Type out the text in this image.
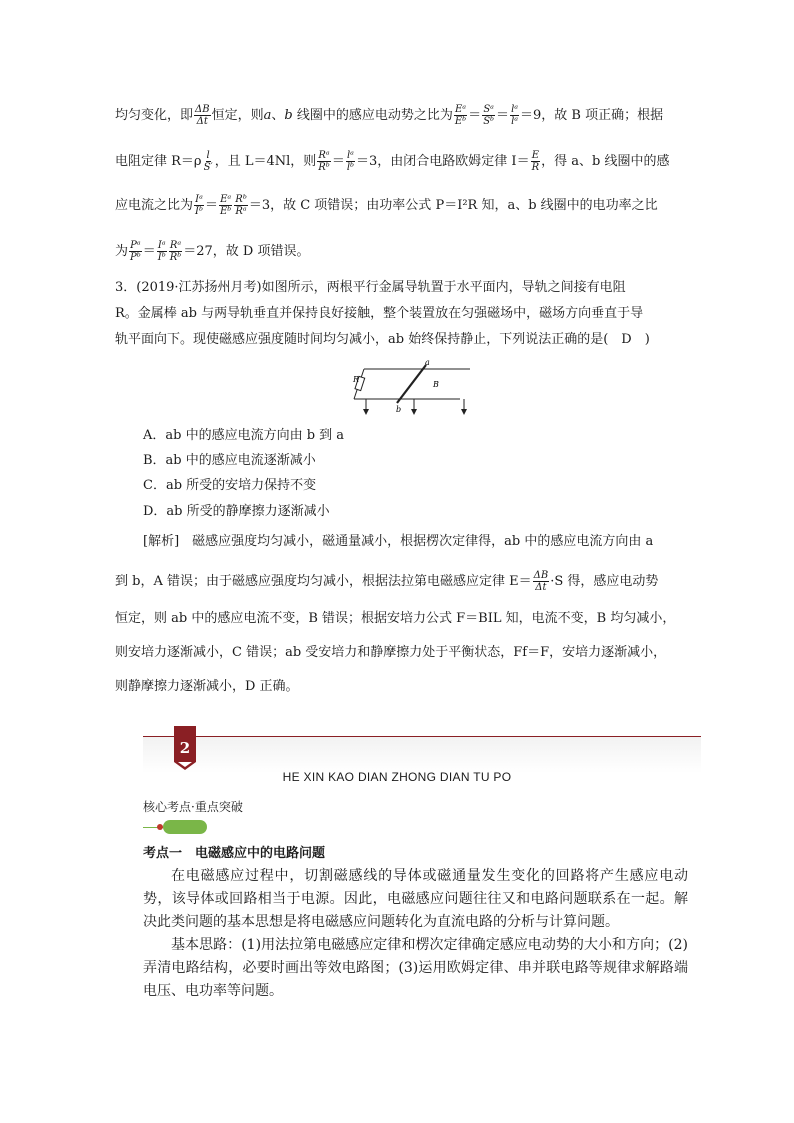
均匀变化，即 $\frac{\Delta B}{\Delta t}$ 恒定，则a、b 线圈中的感应电动势之比为 $\frac{\text{Eᵃ}}{\text{Eᵇ}} = \frac{\text{Sᵃ}}{\text{Sᵇ}} = \frac{\text{lᵃ}}{\text{lᵃ}} =9$，故 B 项正确；根据
电阻定律 $R=\rho \frac{l}{S'}$ ，且 L＝4Nl，则 $\frac{\text{Rᵃ}}{\text{Rᵇ}} = \frac{\text{lᵃ}}{\text{lᵇ}} =3$，由闭合电路欧姆定律 $I= \frac{E}{R}$ ，得 a、b 线圈中的感
应电流之比为 $\frac{\text{Iᵃ}}{\text{Iᵇ}} = \frac{\text{Eᵃ}}{\text{Eᵇ}} \frac{\text{Rᵇ}}{\text{Rᵃ}} =3$，故 C 项错误；由功率公式 P＝I²R 知，a、b 线圈中的电功率之比
为 $\frac{\text{Pᵃ}}{\text{Pᵇ}} = \frac{\text{Iᵃ}}{\text{Iᵇ}} \frac{\text{Rᵃ}}{\text{Rᵇ}} =27$，故 D 项错误。
3．(2019·江苏扬州月考)如图所示，两根平行金属导轨置于水平面内，导轨之间接有电阻
R。金属棒 ab 与两导轨垂直并保持良好接触，整个装置放在匀强磁场中，磁场方向垂直于导
轨平面向下。现使磁感应强度随时间均匀减小，ab 始终保持静止，下列说法正确的是(　D　)
a
b
R
B
A．ab 中的感应电流方向由 b 到 a
B．ab 中的感应电流逐渐减小
C．ab 所受的安培力保持不变
D．ab 所受的静摩擦力逐渐减小
[解析]　磁感应强度均匀减小，磁通量减小，根据楞次定律得，ab 中的感应电流方向由 a
到 b，A 错误；由于磁感应强度均匀减小，根据法拉第电磁感应定律 $E= \frac{\Delta B}{\Delta t} \cdot S$ 得，感应电动势
恒定，则 ab 中的感应电流不变，B 错误；根据安培力公式 F＝BIL 知，电流不变，B 均匀减小，
则安培力逐渐减小，C 错误；ab 受安培力和静摩擦力处于平衡状态，Ff＝F，安培力逐渐减小，
则静摩擦力逐渐减小，D 正确。
2
HE XIN KAO DIAN ZHONG DIAN TU PO
核心考点·重点突破
考点一　电磁感应中的电路问题
在电磁感应过程中，切割磁感线的导体或磁通量发生变化的回路将产生感应电动势，该导体或回路相当于电源。因此，电磁感应问题往往又和电路问题联系在一起。解决此类问题的基本思想是将电磁感应问题转化为直流电路的分析与计算问题。
基本思路：(1)用法拉第电磁感应定律和楞次定律确定感应电动势的大小和方向；(2)弄清电路结构，必要时画出等效电路图；(3)运用欧姆定律、串并联电路等规律求解路端电压、电功率等问题。
